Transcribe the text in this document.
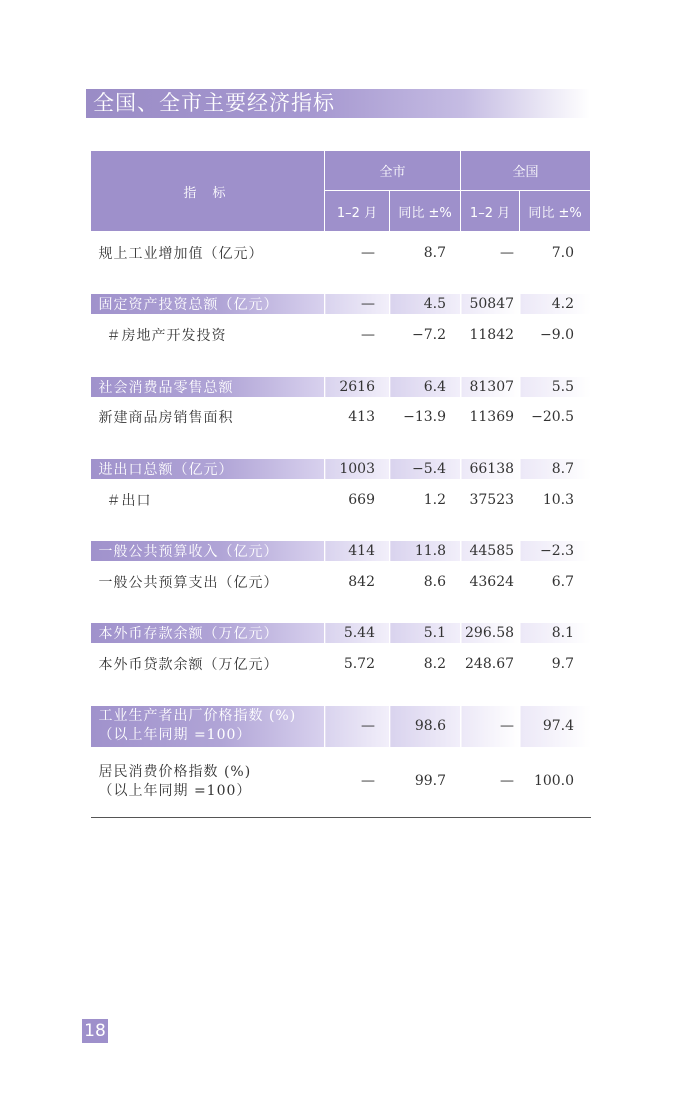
全国、全市主要经济指标
指 标	全市		全国	
	1–2 月	同比 ±%	1–2 月	同比 ±%
规上工业增加值（亿元）	—	8.7	—	7.0

固定资产投资总额（亿元）	—	4.5	50847	4.2
＃房地产开发投资	—	−7.2	11842	−9.0

社会消费品零售总额	2616	6.4	81307	5.5
新建商品房销售面积	413	−13.9	11369	−20.5

进出口总额（亿元）	1003	−5.4	66138	8.7
＃出口	669	1.2	37523	10.3

一般公共预算收入（亿元）	414	11.8	44585	−2.3
一般公共预算支出（亿元）	842	8.6	43624	6.7

本外币存款余额（万亿元）	5.44	5.1	296.58	8.1
本外币贷款余额（万亿元）	5.72	8.2	248.67	9.7

工业生产者出厂价格指数 (%)
（以上年同期 =100）	—	98.6	—	97.4
居民消费价格指数 (%)
（以上年同期 =100）	—	99.7	—	100.0
18
